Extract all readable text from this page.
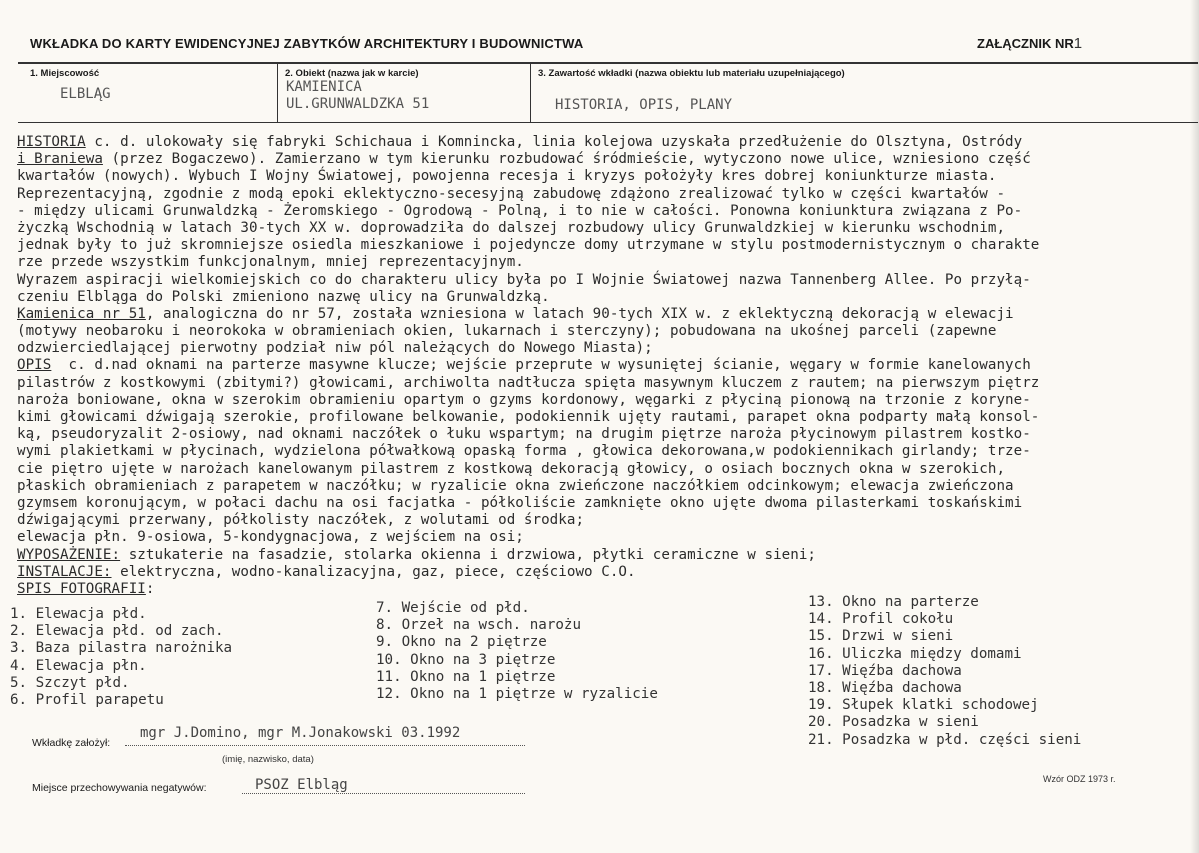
WKŁADKA DO KARTY EWIDENCYJNEJ ZABYTKÓW ARCHITEKTURY I BUDOWNICTWA	ZAŁĄCZNIK NR1
1. Miejscowość
ELBLĄG
2. Obiekt (nazwa jak w karcie)
KAMIENICA
UL.GRUNWALDZKA 51
3. Zawartość wkładki (nazwa obiektu lub materiału uzupełniającego)
HISTORIA, OPIS, PLANY
HISTORIA c. d. ulokowały się fabryki Schichaua i Komnincka, linia kolejowa uzyskała przedłużenie do Olsztyna, Ostródy
i Braniewa (przez Bogaczewo). Zamierzano w tym kierunku rozbudować śródmieście, wytyczono nowe ulice, wzniesiono część
kwartałów (nowych). Wybuch I Wojny Światowej, powojenna recesja i kryzys położyły kres dobrej koniunkturze miasta.
Reprezentacyjną, zgodnie z modą epoki eklektyczno-secesyjną zabudowę zdążono zrealizować tylko w części kwartałów -
- między ulicami Grunwaldzką - Żeromskiego - Ogrodową - Polną, i to nie w całości. Ponowna koniunktura związana z Po-
życzką Wschodnią w latach 30-tych XX w. doprowadziła do dalszej rozbudowy ulicy Grunwaldzkiej w kierunku wschodnim,
jednak były to już skromniejsze osiedla mieszkaniowe i pojedyncze domy utrzymane w stylu postmodernistycznym o charakte
rze przede wszystkim funkcjonalnym, mniej reprezentacyjnym.
Wyrazem aspiracji wielkomiejskich co do charakteru ulicy była po I Wojnie Światowej nazwa Tannenberg Allee. Po przyłą-
czeniu Elbląga do Polski zmieniono nazwę ulicy na Grunwaldzką.
Kamienica nr 51, analogiczna do nr 57, została wzniesiona w latach 90-tych XIX w. z eklektyczną dekoracją w elewacji
(motywy neobaroku i neorokoka w obramieniach okien, lukarnach i sterczyny); pobudowana na ukośnej parceli (zapewne
odzwierciedlającej pierwotny podział niw pól należących do Nowego Miasta);
OPIS  c. d.nad oknami na parterze masywne klucze; wejście przeprute w wysuniętej ścianie, węgary w formie kanelowanych
pilastrów z kostkowymi (zbitymi?) głowicami, archiwolta nadtłucza spięta masywnym kluczem z rautem; na pierwszym piętrz
naroża boniowane, okna w szerokim obramieniu opartym o gzyms kordonowy, węgarki z płyciną pionową na trzonie z koryne-
kimi głowicami dźwigają szerokie, profilowane belkowanie, podokiennik ujęty rautami, parapet okna podparty małą konsol-
ką, pseudoryzalit 2-osiowy, nad oknami naczółek o łuku wspartym; na drugim piętrze naroża płycinowym pilastrem kostko-
wymi plakietkami w płycinach, wydzielona półwałkową opaską forma , głowica dekorowana,w podokiennikach girlandy; trze-
cie piętro ujęte w narożach kanelowanym pilastrem z kostkową dekoracją głowicy, o osiach bocznych okna w szerokich,
płaskich obramieniach z parapetem w naczółku; w ryzalicie okna zwieńczone naczółkiem odcinkowym; elewacja zwieńczona
gzymsem koronującym, w połaci dachu na osi facjatka - półkoliście zamknięte okno ujęte dwoma pilasterkami toskańskimi
dźwigającymi przerwany, półkolisty naczółek, z wolutami od środka;
elewacja płn. 9-osiowa, 5-kondygnacjowa, z wejściem na osi;
WYPOSAŻENIE: sztukaterie na fasadzie, stolarka okienna i drzwiowa, płytki ceramiczne w sieni;
INSTALACJE: elektryczna, wodno-kanalizacyjna, gaz, piece, częściowo C.O.
SPIS FOTOGRAFII:
1. Elewacja płd.
2. Elewacja płd. od zach.
3. Baza pilastra narożnika
4. Elewacja płn.
5. Szczyt płd.
6. Profil parapetu
7. Wejście od płd.
8. Orzeł na wsch. narożu
9. Okno na 2 piętrze
10. Okno na 3 piętrze
11. Okno na 1 piętrze
12. Okno na 1 piętrze w ryzalicie
13. Okno na parterze
14. Profil cokołu
15. Drzwi w sieni
16. Uliczka między domami
17. Więźba dachowa
18. Więźba dachowa
19. Słupek klatki schodowej
20. Posadzka w sieni
21. Posadzka w płd. części sieni
Wkładkę założył:
mgr J.Domino, mgr M.Jonakowski 03.1992
(imię, nazwisko, data)
Miejsce przechowywania negatywów:	PSOZ Elbląg	Wzór ODZ 1973 r.
